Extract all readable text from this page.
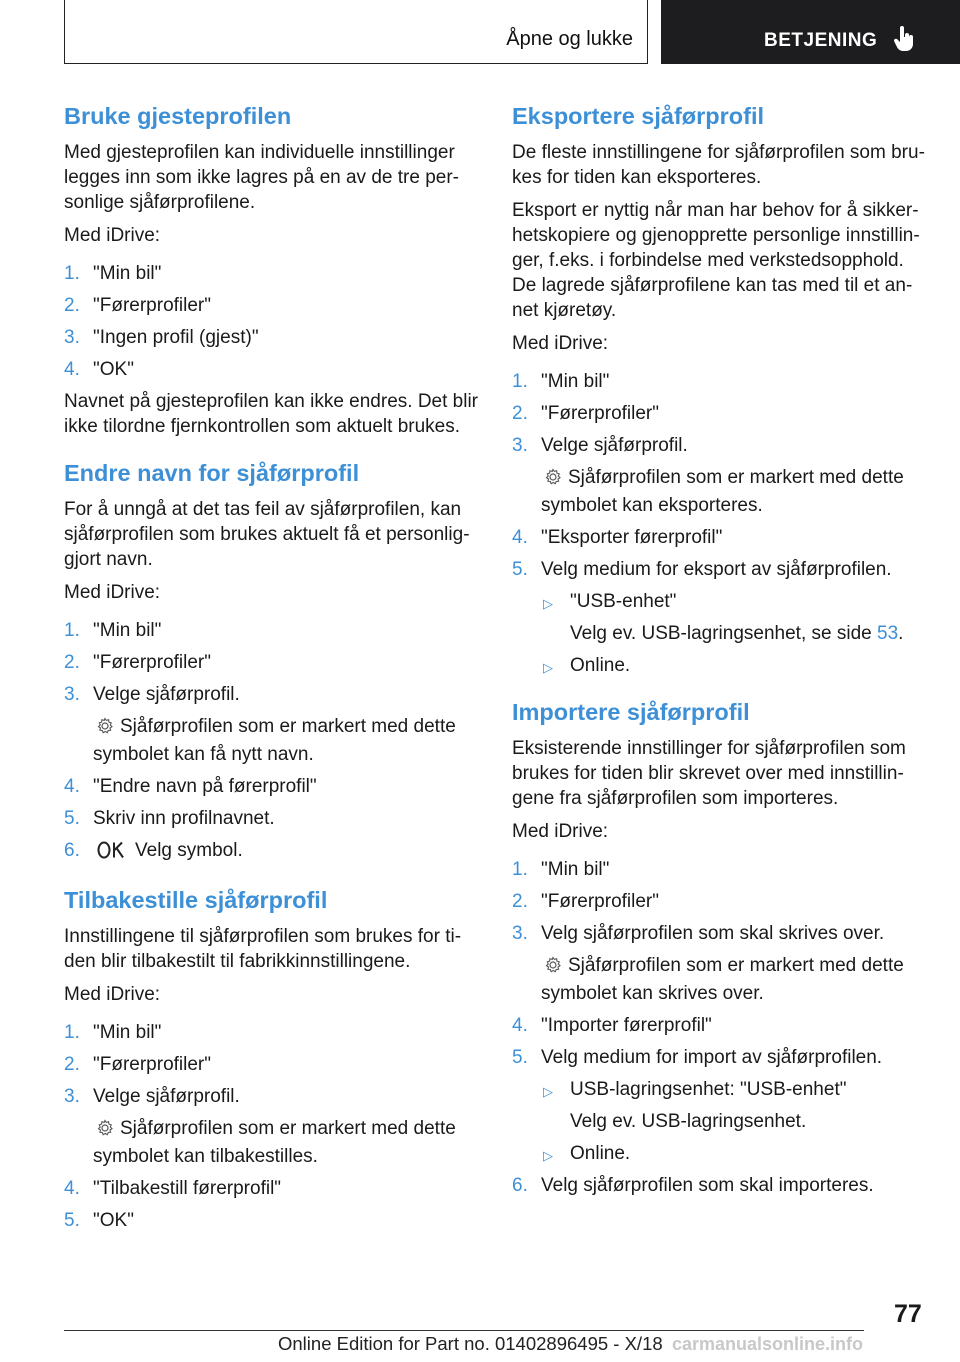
Åpne og lukke	BETJENING
Bruke gjesteprofilen

Med gjesteprofilen kan individuelle innstillinger legges inn som ikke lagres på en av de tre personlige sjåførprofilene.

Med iDrive:

1. "Min bil"
2. "Førerprofiler"
3. "Ingen profil (gjest)"
4. "OK"

Navnet på gjesteprofilen kan ikke endres. Det blir ikke tilordne fjernkontrollen som aktuelt brukes.

Endre navn for sjåførprofil

For å unngå at det tas feil av sjåførprofilen, kan sjåførprofilen som brukes aktuelt få et personliggjort navn.

Med iDrive:

1. "Min bil"
2. "Førerprofiler"
3. Velge sjåførprofil.
Sjåførprofilen som er markert med dette symbolet kan få nytt navn.
4. "Endre navn på førerprofil"
5. Skriv inn profilnavnet.
6.	Velg symbol.
Tilbakestille sjåførprofil

Innstillingene til sjåførprofilen som brukes for tiden blir tilbakestilt til fabrikkinnstillingene.

Med iDrive:

1. "Min bil"
2. "Førerprofiler"
3. Velge sjåførprofil.
Sjåførprofilen som er markert med dette symbolet kan tilbakestilles.
4. "Tilbakestill førerprofil"
5. "OK"
Eksportere sjåførprofil

De fleste innstillingene for sjåførprofilen som brukes for tiden kan eksporteres.

Eksport er nyttig når man har behov for å sikkerhetskopiere og gjenopprette personlige innstillinger, f.eks. i forbindelse med verkstedsopphold. De lagrede sjåførprofilene kan tas med til et annet kjøretøy.

Med iDrive:

1. "Min bil"
2. "Førerprofiler"
3. Velge sjåførprofil.
Sjåførprofilen som er markert med dette symbolet kan eksporteres.
4. "Eksporter førerprofil"
5. Velg medium for eksport av sjåførprofilen.
▷ "USB-enhet"
Velg ev. USB-lagringsenhet, se side 53.
▷ Online.
Importere sjåførprofil

Eksisterende innstillinger for sjåførprofilen som brukes for tiden blir skrevet over med innstillingene fra sjåførprofilen som importeres.

Med iDrive:

1. "Min bil"
2. "Førerprofiler"
3. Velg sjåførprofilen som skal skrives over.
Sjåførprofilen som er markert med dette symbolet kan skrives over.
4. "Importer førerprofil"
5. Velg medium for import av sjåførprofilen.
▷ USB-lagringsenhet: "USB-enhet"
Velg ev. USB-lagringsenhet.
▷ Online.
6. Velg sjåførprofilen som skal importeres.
77
Online Edition for Part no. 01402896495 - X/18 carmanualsonline.info
